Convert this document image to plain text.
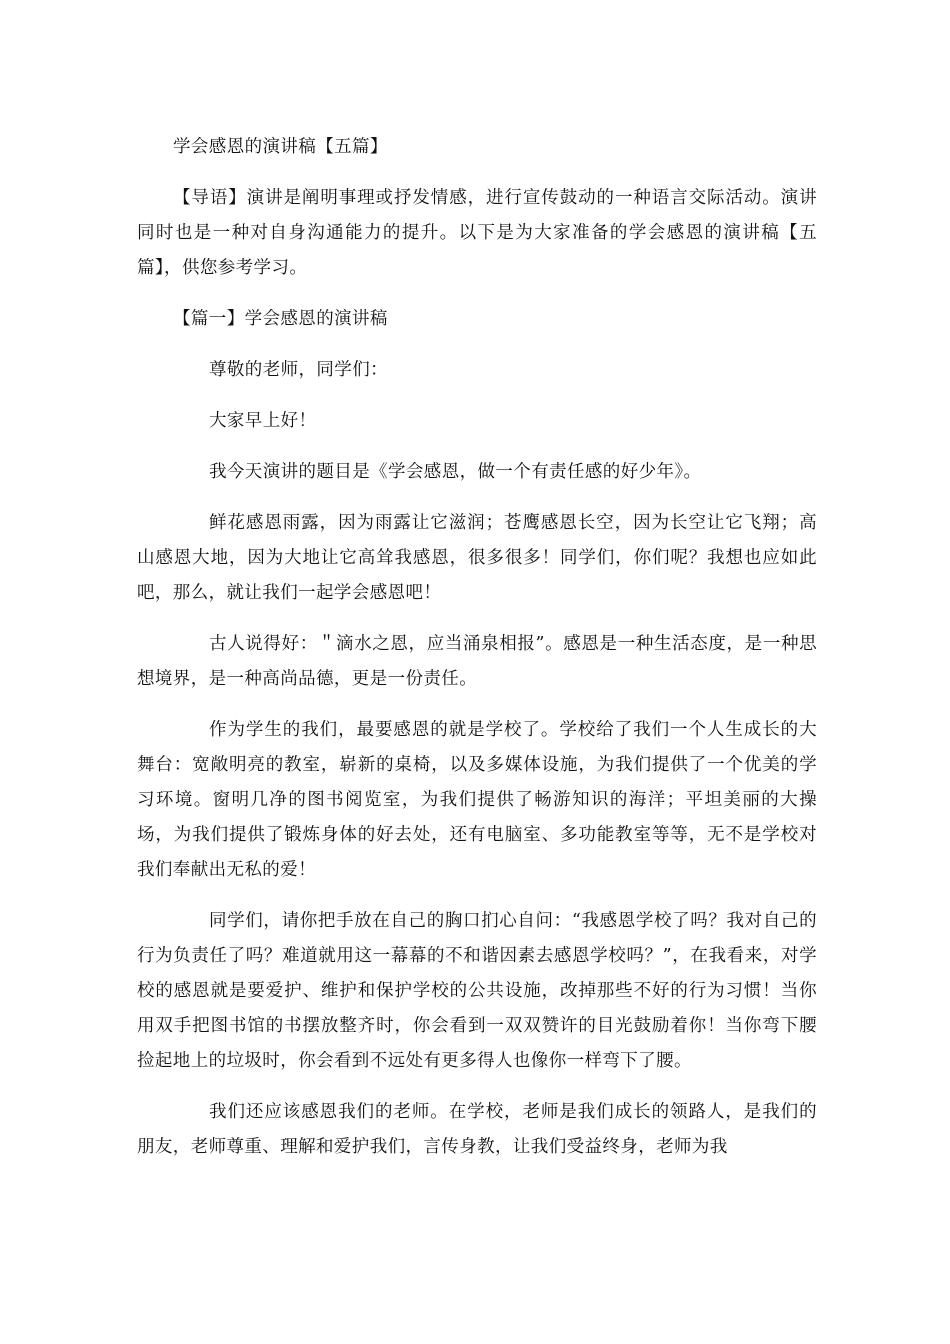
学会感恩的演讲稿【五篇】

【导语】演讲是阐明事理或抒发情感，进行宣传鼓动的一种语言交际活动。演讲同时也是一种对自身沟通能力的提升。以下是为大家准备的学会感恩的演讲稿【五篇】，供您参考学习。

【篇一】学会感恩的演讲稿

尊敬的老师，同学们：

大家早上好！

我今天演讲的题目是《学会感恩，做一个有责任感的好少年》。

鲜花感恩雨露，因为雨露让它滋润；苍鹰感恩长空，因为长空让它飞翔；高山感恩大地，因为大地让它高耸我感恩，很多很多！同学们，你们呢？我想也应如此吧，那么，就让我们一起学会感恩吧！

古人说得好：＂滴水之恩，应当涌泉相报”。感恩是一种生活态度，是一种思想境界，是一种高尚品德，更是一份责任。

作为学生的我们，最要感恩的就是学校了。学校给了我们一个人生成长的大舞台：宽敞明亮的教室，崭新的桌椅，以及多媒体设施，为我们提供了一个优美的学习环境。窗明几净的图书阅览室，为我们提供了畅游知识的海洋；平坦美丽的大操场，为我们提供了锻炼身体的好去处，还有电脑室、多功能教室等等，无不是学校对我们奉献出无私的爱！

同学们，请你把手放在自己的胸口扪心自问：“我感恩学校了吗？我对自己的行为负责任了吗？难道就用这一幕幕的不和谐因素去感恩学校吗？”，在我看来，对学校的感恩就是要爱护、维护和保护学校的公共设施，改掉那些不好的行为习惯！当你用双手把图书馆的书摆放整齐时，你会看到一双双赞许的目光鼓励着你！当你弯下腰捡起地上的垃圾时，你会看到不远处有更多得人也像你一样弯下了腰。

我们还应该感恩我们的老师。在学校，老师是我们成长的领路人，是我们的朋友，老师尊重、理解和爱护我们，言传身教，让我们受益终身，老师为我
